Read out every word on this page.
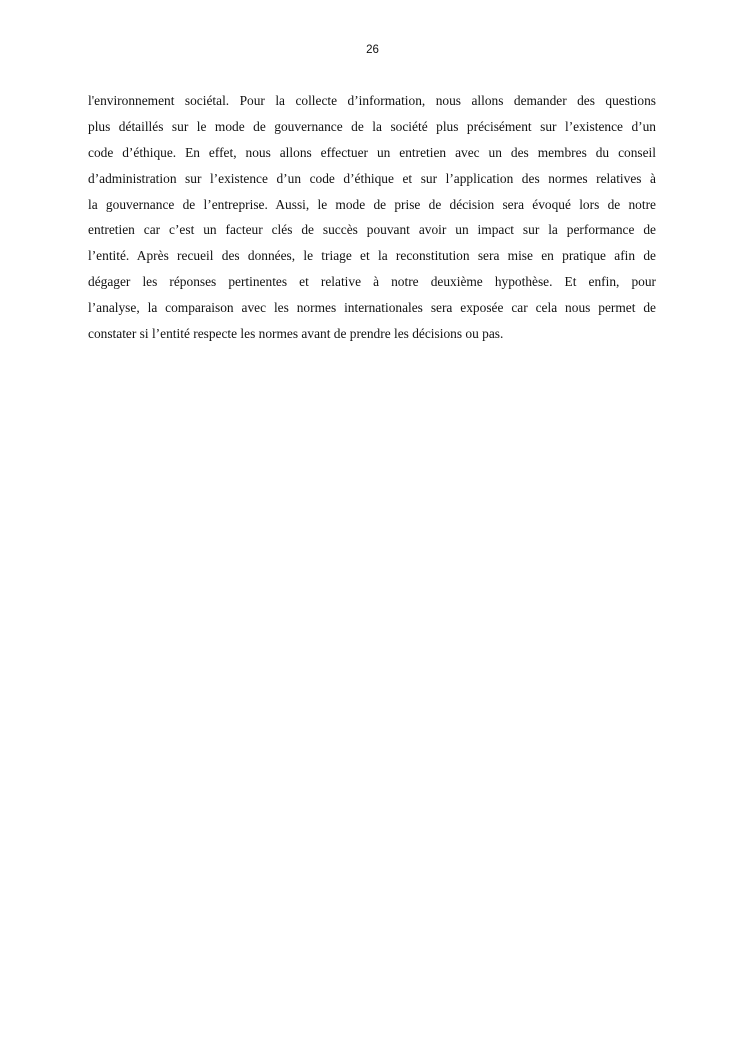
26
l'environnement sociétal. Pour la collecte d’information, nous allons demander des questions
plus détaillés sur le mode de gouvernance de la société plus précisément sur l’existence d’un
code d’éthique. En effet, nous allons effectuer un entretien avec un des membres du conseil
d’administration sur l’existence d’un code d’éthique et sur l’application des normes relatives à
la gouvernance de l’entreprise. Aussi, le mode de prise de décision sera évoqué lors de notre
entretien car c’est un facteur clés de succès pouvant avoir un impact sur la performance de
l’entité. Après recueil des données, le triage et la reconstitution sera mise en pratique afin de
dégager les réponses pertinentes et relative à notre deuxième hypothèse. Et enfin, pour
l’analyse, la comparaison avec les normes internationales sera exposée car cela nous permet de
constater si l’entité respecte les normes avant de prendre les décisions ou pas.
